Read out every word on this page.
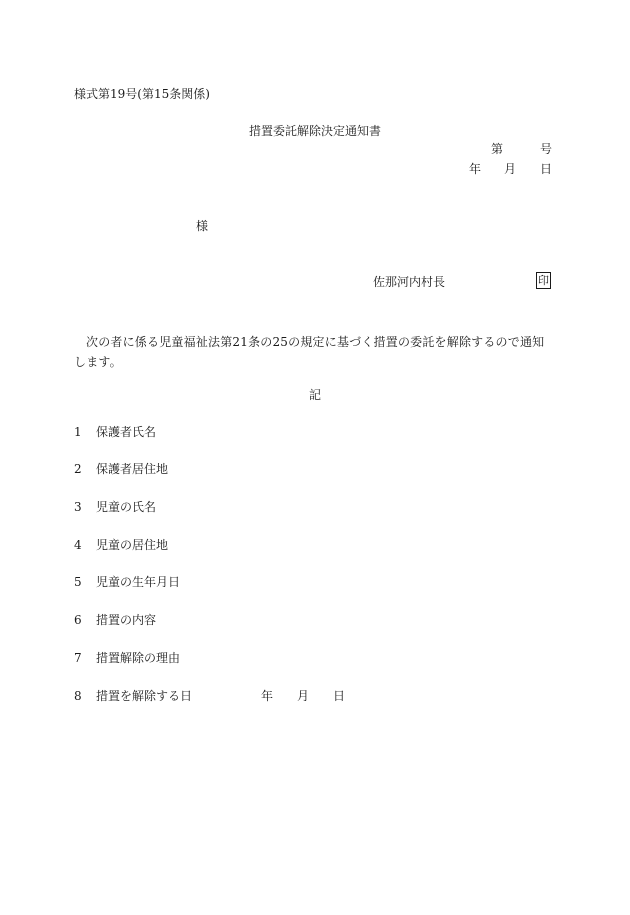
様式第19号(第15条関係)
措置委託解除決定通知書
第	号
年 月 日
様
佐那河内村長	印
次の者に係る児童福祉法第21条の25の規定に基づく措置の委託を解除するので通知します。
記
1 保護者氏名
2 保護者居住地
3 児童の氏名
4 児童の居住地
5 児童の生年月日
6 措置の内容
7 措置解除の理由
8 措置を解除する日	年 月 日
